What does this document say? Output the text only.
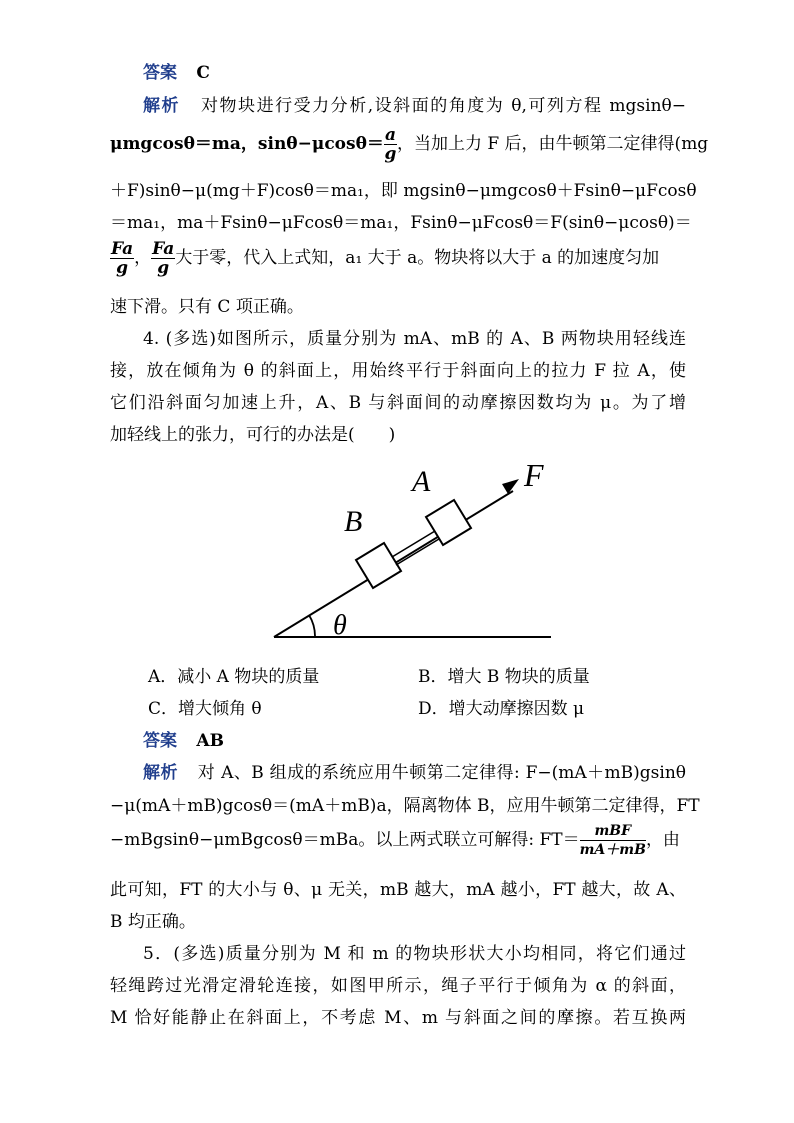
答案 C
解析 对物块进行受力分析,设斜面的角度为 θ,可列方程 mgsinθ−
μmgcosθ＝ma，$\sin\theta-\mu\cos\theta= \frac{a}{g}$ ，当加上力 F 后，由牛顿第二定律得(mg
＋F)sinθ−μ(mg＋F)cosθ＝ma₁，即 mgsinθ−μmgcosθ＋Fsinθ−μFcosθ
＝ma₁，ma＋Fsinθ−μFcosθ＝ma₁，Fsinθ−μFcosθ＝F(sinθ−μcosθ)＝
$\frac{Fa}{g}$ ， $\frac{Fa}{g}$ 大于零，代入上式知，a₁ 大于 a。物块将以大于 a 的加速度匀加
速下滑。只有 C 项正确。
4. (多选)如图所示，质量分别为 mA、mB 的 A、B 两物块用轻线连
接，放在倾角为 θ 的斜面上，用始终平行于斜面向上的拉力 F 拉 A，使
它们沿斜面匀加速上升，A、B 与斜面间的动摩擦因数均为 μ。为了增
加轻线上的张力，可行的办法是(　　)
θ
B
A	F
A．减小 A 物块的质量	B．增大 B 物块的质量
C．增大倾角 θ	D．增大动摩擦因数 μ
答案 AB
解析 对 A、B 组成的系统应用牛顿第二定律得: F−(mA＋mB)gsinθ
−μ(mA＋mB)gcosθ＝(mA＋mB)a，隔离物体 B，应用牛顿第二定律得，FT
−mBgsinθ−μmBgcosθ＝mBa。以上两式联立可解得: $FT= \frac{\text{mBF}}{mA+mB}$ ，由
此可知，FT 的大小与 θ、μ 无关，mB 越大，mA 越小，FT 越大，故 A、
B 均正确。
5．(多选)质量分别为 M 和 m 的物块形状大小均相同，将它们通过
轻绳跨过光滑定滑轮连接，如图甲所示，绳子平行于倾角为 α 的斜面，
M 恰好能静止在斜面上，不考虑 M、m 与斜面之间的摩擦。若互换两
